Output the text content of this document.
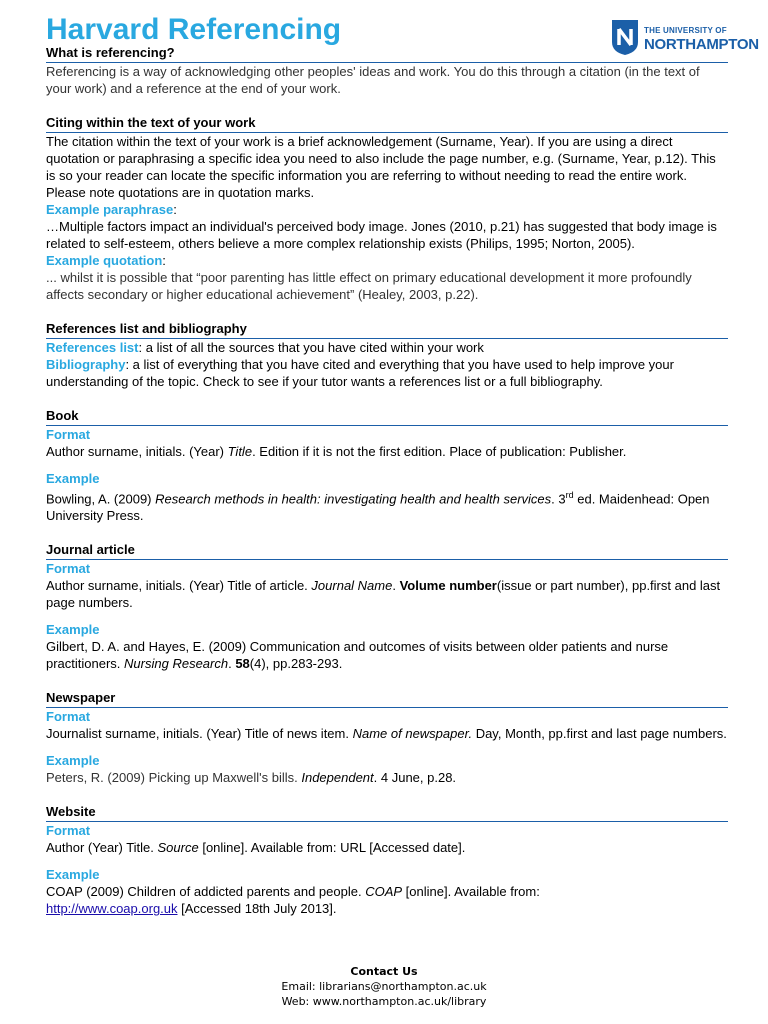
Harvard Referencing	THE UNIVERSITY OF
NORTHAMPTON
What is referencing?

Referencing is a way of acknowledging other peoples' ideas and work. You do this through a citation (in the text of your work) and a reference at the end of your work.

Citing within the text of your work

The citation within the text of your work is a brief acknowledgement (Surname, Year). If you are using a direct quotation or paraphrasing a specific idea you need to also include the page number, e.g. (Surname, Year, p.12). This is so your reader can locate the specific information you are referring to without needing to read the entire work. Please note quotations are in quotation marks.

Example paraphrase:

…Multiple factors impact an individual's perceived body image. Jones (2010, p.21) has suggested that body image is related to self-esteem, others believe a more complex relationship exists (Philips, 1995; Norton, 2005).

Example quotation:

... whilst it is possible that “poor parenting has little effect on primary educational development it more profoundly affects secondary or higher educational achievement” (Healey, 2003, p.22).

References list and bibliography

References list: a list of all the sources that you have cited within your work

Bibliography: a list of everything that you have cited and everything that you have used to help improve your understanding of the topic. Check to see if your tutor wants a references list or a full bibliography.

Book

Format

Author surname, initials. (Year) Title. Edition if it is not the first edition. Place of publication: Publisher.

Example

Bowling, A. (2009) Research methods in health: investigating health and health services. 3rd ed. Maidenhead: Open University Press.

Journal article

Format

Author surname, initials. (Year) Title of article. Journal Name. Volume number(issue or part number), pp.first and last page numbers.

Example

Gilbert, D. A. and Hayes, E. (2009) Communication and outcomes of visits between older patients and nurse practitioners. Nursing Research. 58(4), pp.283-293.

Newspaper

Format

Journalist surname, initials. (Year) Title of news item. Name of newspaper. Day, Month, pp.first and last page numbers.

Example

Peters, R. (2009) Picking up Maxwell's bills. Independent. 4 June, p.28.

Website

Format

Author (Year) Title. Source [online]. Available from: URL [Accessed date].

Example

COAP (2009) Children of addicted parents and people. COAP [online]. Available from:
http://www.coap.org.uk [Accessed 18th July 2013].

Contact Us
Email: librarians@northampton.ac.uk
Web: www.northampton.ac.uk/library
